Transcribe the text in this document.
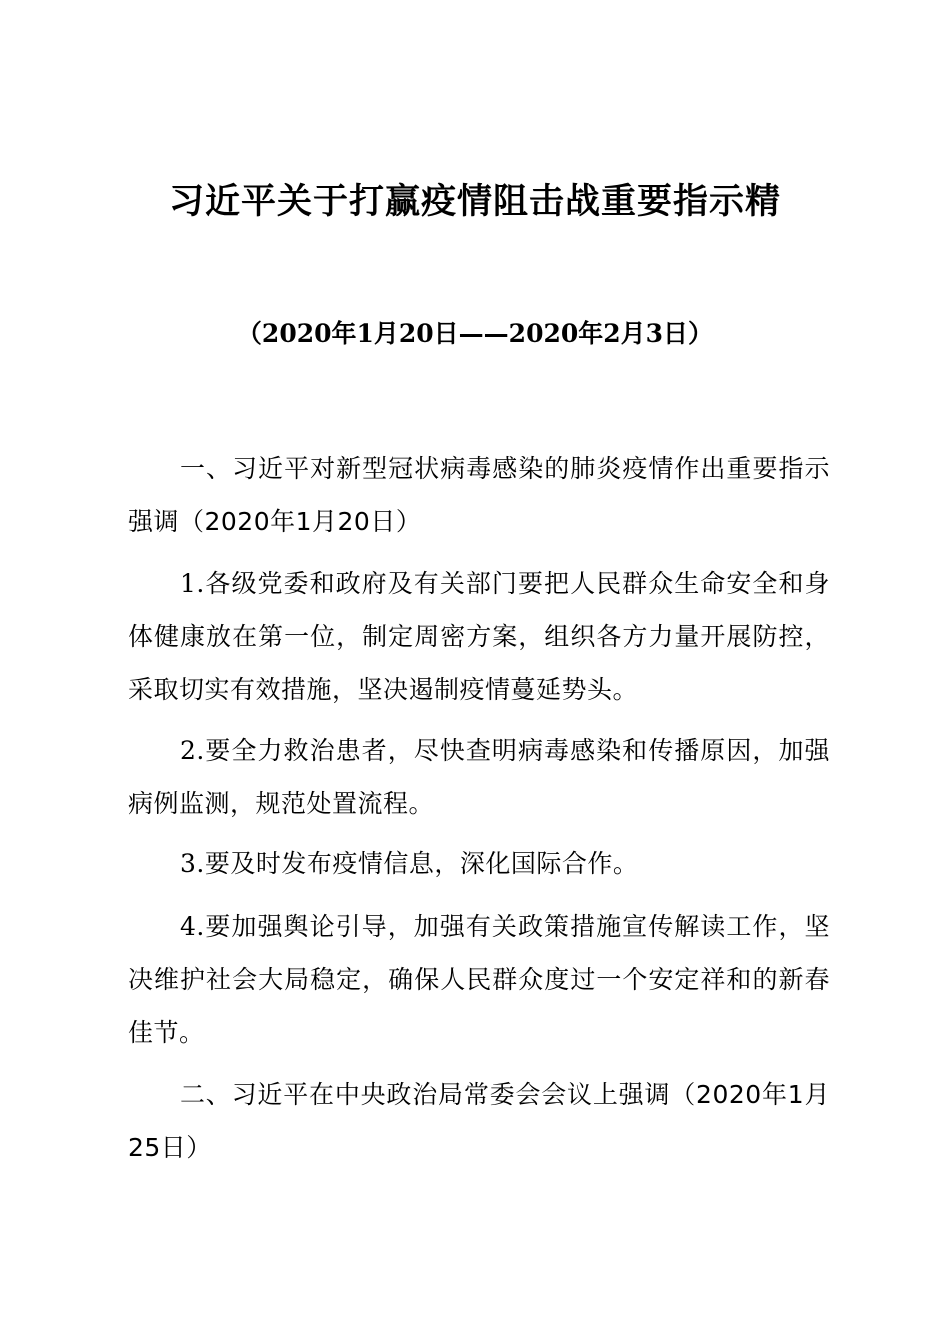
习近平关于打赢疫情阻击战重要指示精
（2020年1月20日——2020年2月3日）
一、习近平对新型冠状病毒感染的肺炎疫情作出重要指示强调（2020年1月20日）
1.各级党委和政府及有关部门要把人民群众生命安全和身体健康放在第一位，制定周密方案，组织各方力量开展防控，采取切实有效措施，坚决遏制疫情蔓延势头。
2.要全力救治患者，尽快查明病毒感染和传播原因，加强病例监测，规范处置流程。
3.要及时发布疫情信息，深化国际合作。
4.要加强舆论引导，加强有关政策措施宣传解读工作，坚决维护社会大局稳定，确保人民群众度过一个安定祥和的新春佳节。
二、习近平在中央政治局常委会会议上强调（2020年1月25日）
